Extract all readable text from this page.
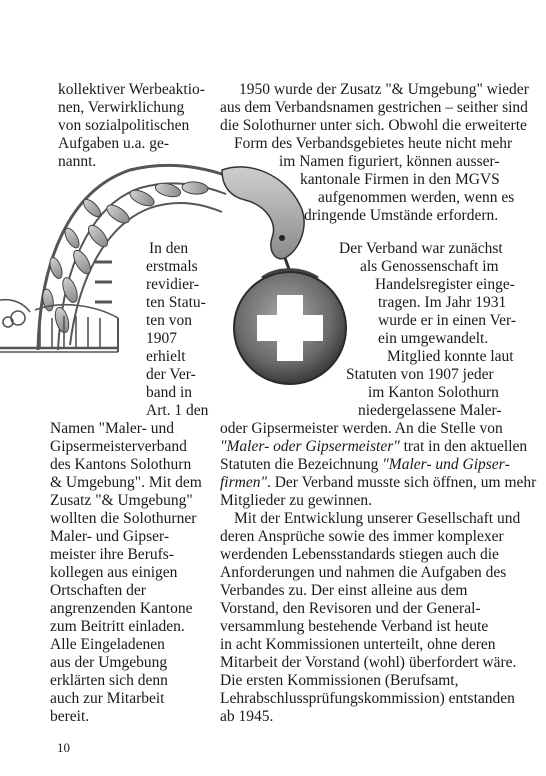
kollektiver Werbeaktio-
nen, Verwirklichung
von sozialpolitischen
Aufgaben u.a. ge-
nannt.
In den
erstmals
revidier-
ten Statu-
ten von
1907
erhielt
der Ver-
band in
Art. 1 den
Namen "Maler- und
Gipsermeisterverband
des Kantons Solothurn
& Umgebung". Mit dem
Zusatz "& Umgebung"
wollten die Solothurner
Maler- und Gipser-
meister ihre Berufs-
kollegen aus einigen
Ortschaften der
angrenzenden Kantone
zum Beitritt einladen.
Alle Eingeladenen
aus der Umgebung
erklärten sich denn
auch zur Mitarbeit
bereit.
1950 wurde der Zusatz "& Umgebung" wieder
aus dem Verbandsnamen gestrichen – seither sind
die Solothurner unter sich. Obwohl die erweiterte
Form des Verbandsgebietes heute nicht mehr
im Namen figuriert, können ausser-
kantonale Firmen in den MGVS
aufgenommen werden, wenn es
dringende Umstände erfordern.
Der Verband war zunächst
als Genossenschaft im
Handelsregister einge-
tragen. Im Jahr 1931
wurde er in einen Ver-
ein umgewandelt.
Mitglied konnte laut
Statuten von 1907 jeder
im Kanton Solothurn
niedergelassene Maler-
oder Gipsermeister werden. An die Stelle von
"Maler- oder Gipsermeister" trat in den aktuellen
Statuten die Bezeichnung "Maler- und Gipser-
firmen". Der Verband musste sich öffnen, um mehr
Mitglieder zu gewinnen.
Mit der Entwicklung unserer Gesellschaft und
deren Ansprüche sowie des immer komplexer
werdenden Lebensstandards stiegen auch die
Anforderungen und nahmen die Aufgaben des
Verbandes zu. Der einst alleine aus dem
Vorstand, den Revisoren und der General-
versammlung bestehende Verband ist heute
in acht Kommissionen unterteilt, ohne deren
Mitarbeit der Vorstand (wohl) überfordert wäre.
Die ersten Kommissionen (Berufsamt,
Lehrabschlussprüfungskommission) entstanden
ab 1945.
10
